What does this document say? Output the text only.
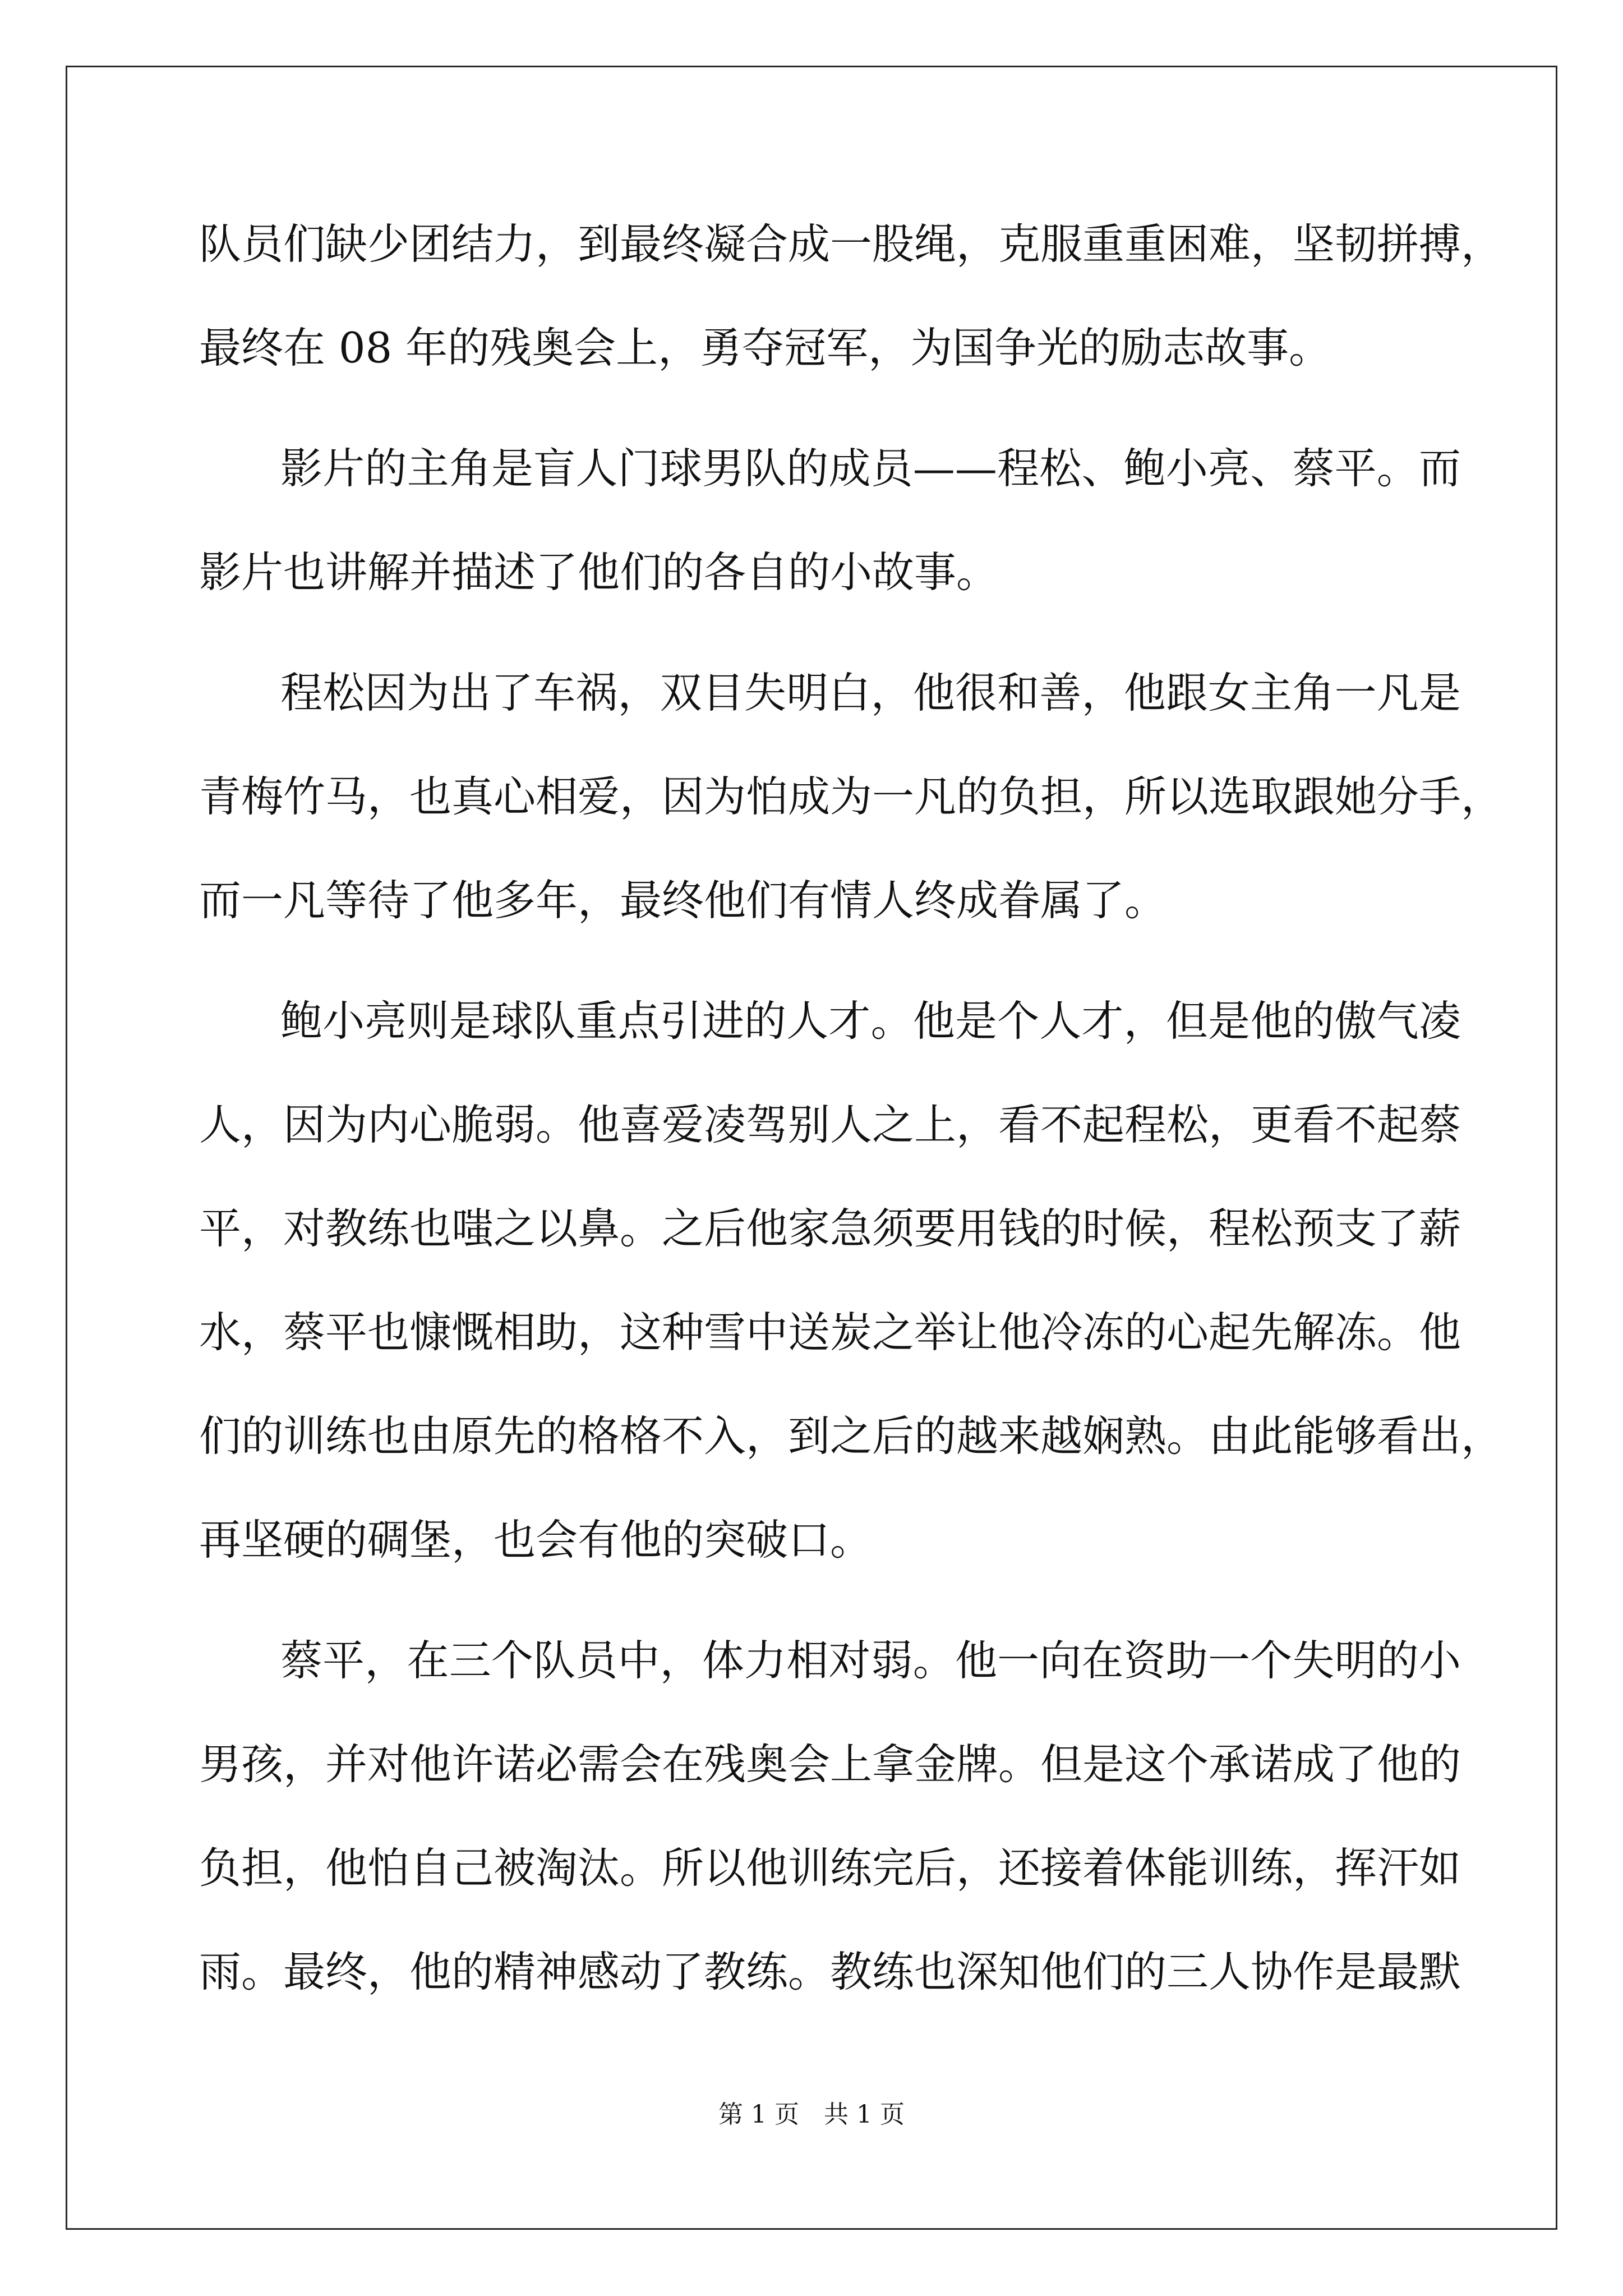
队员们缺少团结力，到最终凝合成一股绳，克服重重困难，坚韧拼搏，
最终在 08 年的残奥会上，勇夺冠军，为国争光的励志故事。
影片的主角是盲人门球男队的成员——程松、鲍小亮、蔡平。而
影片也讲解并描述了他们的各自的小故事。
程松因为出了车祸，双目失明白，他很和善，他跟女主角一凡是
青梅竹马，也真心相爱，因为怕成为一凡的负担，所以选取跟她分手，
而一凡等待了他多年，最终他们有情人终成眷属了。
鲍小亮则是球队重点引进的人才。他是个人才，但是他的傲气凌
人，因为内心脆弱。他喜爱凌驾别人之上，看不起程松，更看不起蔡
平，对教练也嗤之以鼻。之后他家急须要用钱的时候，程松预支了薪
水，蔡平也慷慨相助，这种雪中送炭之举让他冷冻的心起先解冻。他
们的训练也由原先的格格不入，到之后的越来越娴熟。由此能够看出，
再坚硬的碉堡，也会有他的突破口。
蔡平，在三个队员中，体力相对弱。他一向在资助一个失明的小
男孩，并对他许诺必需会在残奥会上拿金牌。但是这个承诺成了他的
负担，他怕自己被淘汰。所以他训练完后，还接着体能训练，挥汗如
雨。最终，他的精神感动了教练。教练也深知他们的三人协作是最默
第 1 页　共 1 页
